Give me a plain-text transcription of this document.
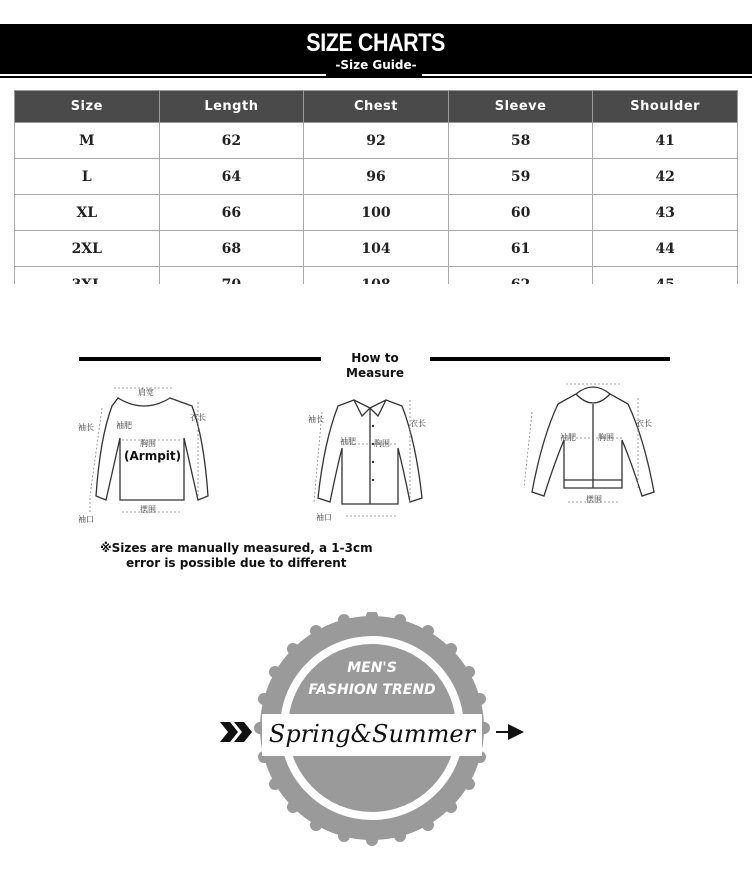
SIZE CHARTS
-Size Guide-
Size	Length	Chest	Sleeve	Shoulder
M	62	92	58	41
L	64	96	59	42
XL	66	100	60	43
2XL	68	104	61	44

How to
Measure
肩宽
袖长
衣长
袖肥
胸围
(Armpit)
摆围
袖口
袖长	衣长
袖肥 胸围
袖口
袖肥	胸围
衣长
摆围
※Sizes are manually measured, a 1-3cm
error is possible due to different
MEN'S
FASHION TREND
Spring&Summer
